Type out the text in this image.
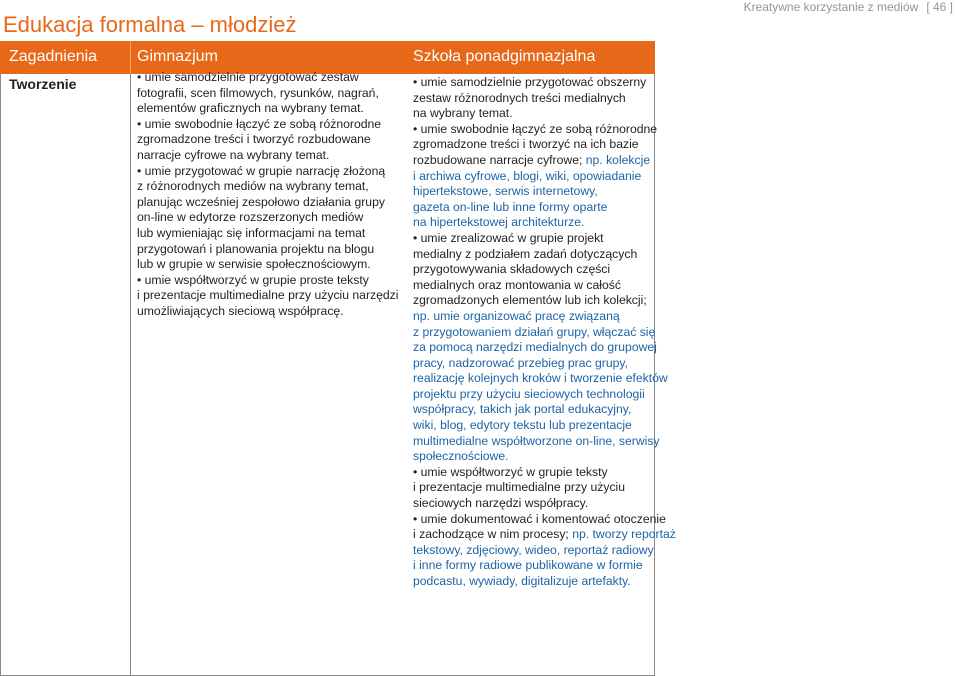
Edukacja formalna – młodzież
Kreatywne korzystanie z mediów [ 46 ]
Zagadnienia Gimnazjum	Szkoła ponadgimnazjalna
Tworzenie	• umie samodzielnie przygotować zestaw
fotografii, scen filmowych, rysunków, nagrań,
elementów graficznych na wybrany temat.
• umie swobodnie łączyć ze sobą różnorodne
zgromadzone treści i tworzyć rozbudowane
narracje cyfrowe na wybrany temat.
• umie przygotować w grupie narrację złożoną
z różnorodnych mediów na wybrany temat,
planując wcześniej zespołowo działania grupy
on-line w edytorze rozszerzonych mediów
lub wymieniając się informacjami na temat
przygotowań i planowania projektu na blogu
lub w grupie w serwisie społecznościowym.
• umie współtworzyć w grupie proste teksty
i prezentacje multimedialne przy użyciu narzędzi
umożliwiających sieciową współpracę.
• umie samodzielnie przygotować obszerny
zestaw różnorodnych treści medialnych
na wybrany temat.
• umie swobodnie łączyć ze sobą różnorodne
zgromadzone treści i tworzyć na ich bazie
rozbudowane narracje cyfrowe; np. kolekcje
i archiwa cyfrowe, blogi, wiki, opowiadanie
hipertekstowe, serwis internetowy,
gazeta on-line lub inne formy oparte
na hipertekstowej architekturze.
• umie zrealizować w grupie projekt
medialny z podziałem zadań dotyczących
przygotowywania składowych części
medialnych oraz montowania w całość
zgromadzonych elementów lub ich kolekcji;
np. umie organizować pracę związaną
z przygotowaniem działań grupy, włączać się
za pomocą narzędzi medialnych do grupowej
pracy, nadzorować przebieg prac grupy,
realizację kolejnych kroków i tworzenie efektów
projektu przy użyciu sieciowych technologii
współpracy, takich jak portal edukacyjny,
wiki, blog, edytory tekstu lub prezentacje
multimedialne współtworzone on-line, serwisy
społecznościowe.
• umie współtworzyć w grupie teksty
i prezentacje multimedialne przy użyciu
sieciowych narzędzi współpracy.
• umie dokumentować i komentować otoczenie
i zachodzące w nim procesy; np. tworzy reportaż
tekstowy, zdjęciowy, wideo, reportaż radiowy
i inne formy radiowe publikowane w formie
podcastu, wywiady, digitalizuje artefakty.
